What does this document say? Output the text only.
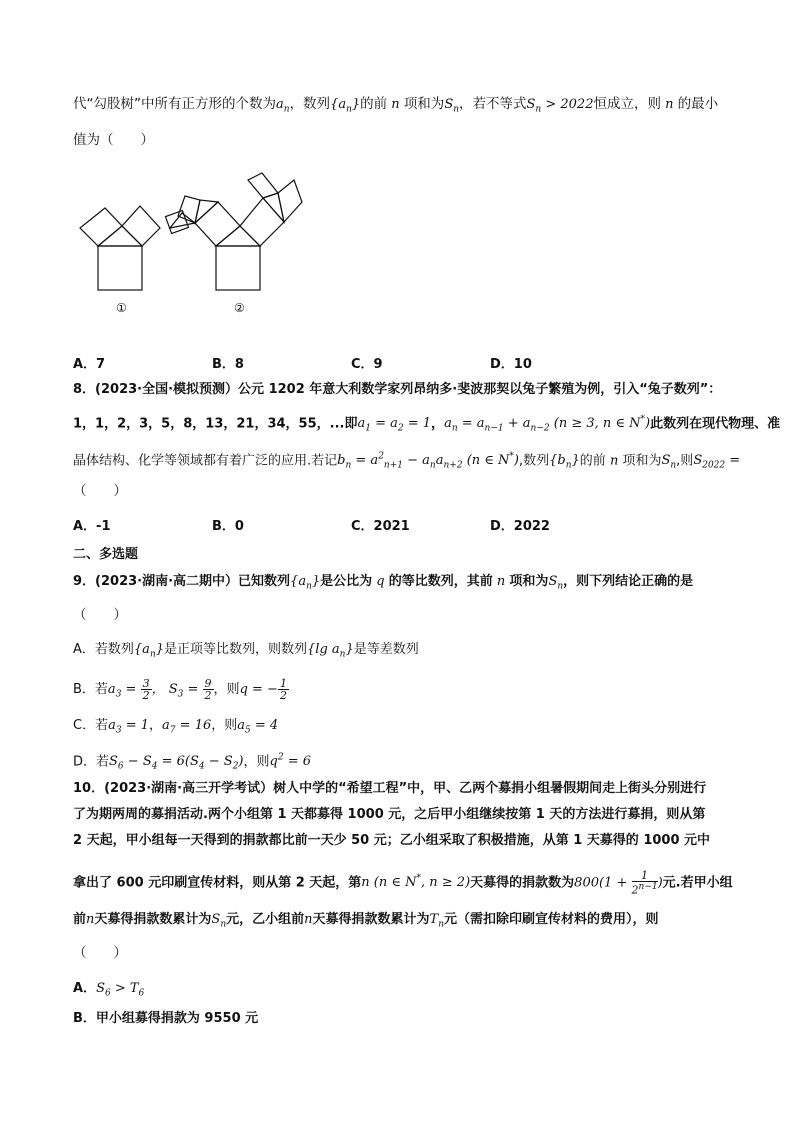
代“勾股树”中所有正方形的个数为$a_n$，数列$\{a_n\}$的前 n 项和为$S_n$，若不等式$S_n > 2022$恒成立，则 n 的最小
值为（　　）
①	②
A．7	B．8	C．9	D．10
8．(2023·全国·模拟预测）公元 1202 年意大利数学家列昂纳多·斐波那契以兔子繁殖为例，引入“兔子数列”：
1，1，2，3，5，8，13，21，34，55，...即$a_1 = a_2 = 1$，$a_n = a_{n-1} + a_{n-2}$ (n ≥ 3, n ∈ N*)此数列在现代物理、准
晶体结构、化学等领域都有着广泛的应用.若记$b_n = a^2_{n+1} - a_na_{n+2}$ (n ∈ N*),数列$\{b_n\}$的前 n 项和为$S_n$,则$S_{2022}$ =
（　　）
A．-1	B．0	C．2021	D．2022
二、多选题
9．(2023·湖南·高二期中）已知数列$\{a_n\}$是公比为 q 的等比数列，其前 n 项和为$S_n$，则下列结论正确的是
（　　）
A．若数列$\{a_n\}$是正项等比数列，则数列{lg $a_n$}是等差数列
B．若$a_3 = \frac{3}{2}$ ， $S_3 = \frac{9}{2}$ ，则q = − $\frac{1}{2}$
C．若$a_3 = 1$，$a_7 = 16$，则$a_5 = 4$
D．若$S_6 - S_4 = 6(S_4 - S_2)$，则$q^2 = 6$
10．(2023·湖南·高三开学考试）树人中学的“希望工程”中，甲、乙两个募捐小组暑假期间走上街头分别进行
了为期两周的募捐活动.两个小组第 1 天都募得 1000 元，之后甲小组继续按第 1 天的方法进行募捐，则从第
2 天起，甲小组每一天得到的捐款都比前一天少 50 元；乙小组采取了积极措施，从第 1 天募得的 1000 元中
拿出了 600 元印刷宣传材料，则从第 2 天起，第n (n ∈ N*, n ≥ 2)天募得的捐款数为$800(1 + \frac{1}{2^{n-1}}$ )元.若甲小组
前n天募得捐款数累计为$S_n$元，乙小组前n天募得捐款数累计为$T_n$元（需扣除印刷宣传材料的费用），则
（　　）
A．$S_6 > T_6$
B．甲小组募得捐款为 9550 元
